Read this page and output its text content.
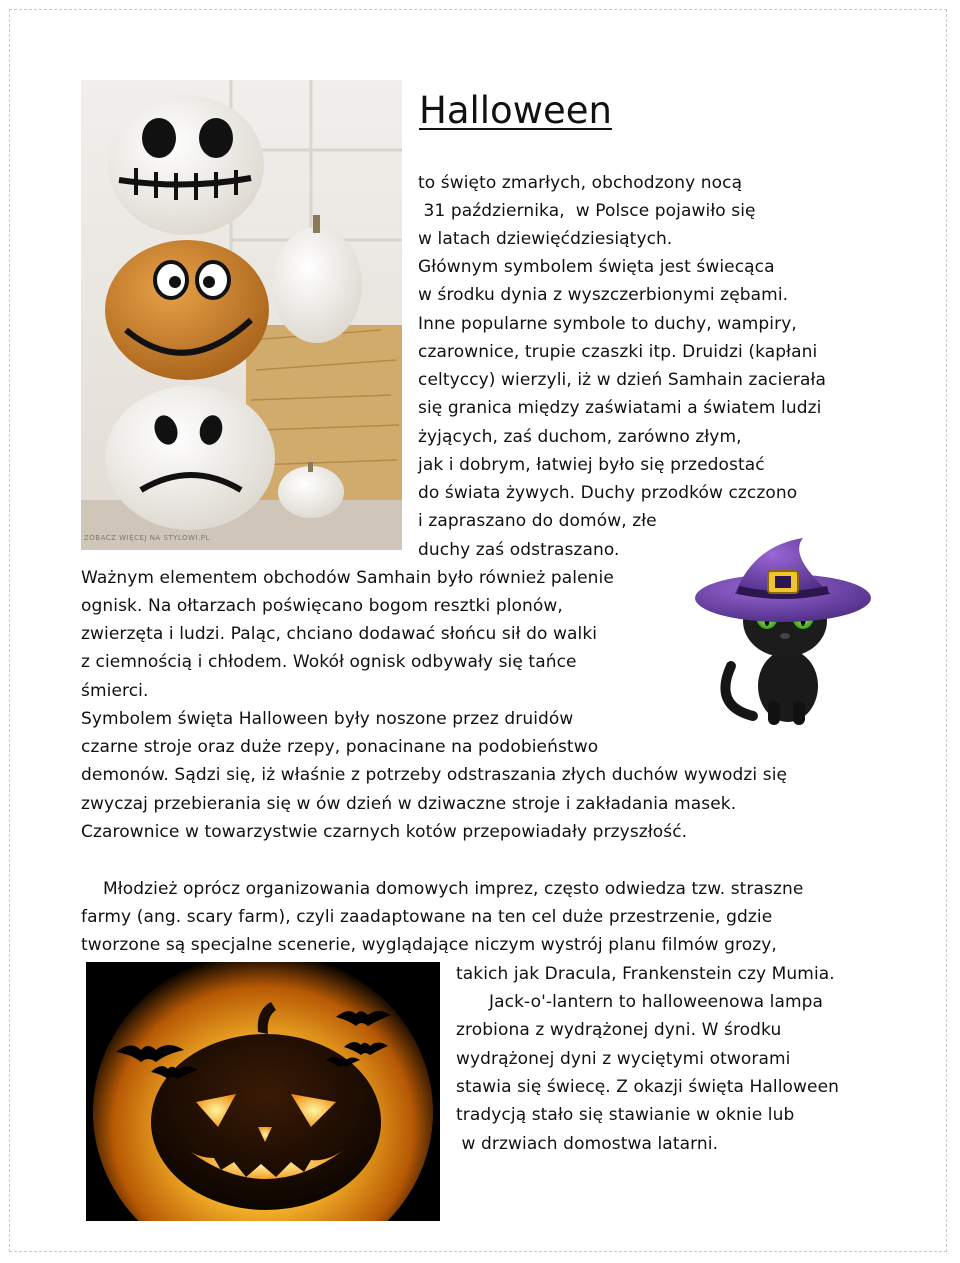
ZOBACZ WIĘCEJ NA STYLOWI.PL
Halloween
to święto zmarłych, obchodzony nocą
31 października,  w Polsce pojawiło się
w latach dziewięćdziesiątych.
Głównym symbolem święta jest świecąca
w środku dynia z wyszczerbionymi zębami.
Inne popularne symbole to duchy, wampiry,
czarownice, trupie czaszki itp. Druidzi (kapłani
celtyccy) wierzyli, iż w dzień Samhain zacierała
się granica między zaświatami a światem ludzi
żyjących, zaś duchom, zarówno złym,
jak i dobrym, łatwiej było się przedostać
do świata żywych. Duchy przodków czczono
i zapraszano do domów, złe
duchy zaś odstraszano.
Ważnym elementem obchodów Samhain było również palenie
ognisk. Na ołtarzach poświęcano bogom resztki plonów,
zwierzęta i ludzi. Paląc, chciano dodawać słońcu sił do walki
z ciemnością i chłodem. Wokół ognisk odbywały się tańce
śmierci.
Symbolem święta Halloween były noszone przez druidów
czarne stroje oraz duże rzepy, ponacinane na podobieństwo
demonów. Sądzi się, iż właśnie z potrzeby odstraszania złych duchów wywodzi się
zwyczaj przebierania się w ów dzień w dziwaczne stroje i zakładania masek.
Czarownice w towarzystwie czarnych kotów przepowiadały przyszłość.
Młodzież oprócz organizowania domowych imprez, często odwiedza tzw. straszne
farmy (ang. scary farm), czyli zaadaptowane na ten cel duże przestrzenie, gdzie
tworzone są specjalne scenerie, wyglądające niczym wystrój planu filmów grozy,
takich jak Dracula, Frankenstein czy Mumia.
Jack-o'-lantern to halloweenowa lampa
zrobiona z wydrążonej dyni. W środku
wydrążonej dyni z wyciętymi otworami
stawia się świecę. Z okazji święta Halloween
tradycją stało się stawianie w oknie lub
w drzwiach domostwa latarni.
